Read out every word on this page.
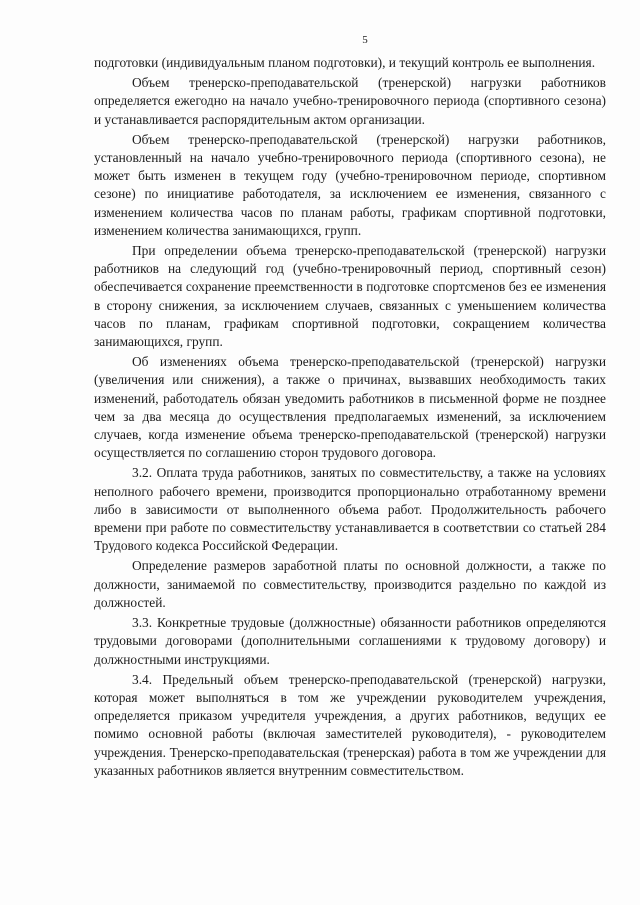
5

подготовки (индивидуальным планом подготовки), и текущий контроль ее выполнения.

Объем тренерско-преподавательской (тренерской) нагрузки работников определяется ежегодно на начало учебно-тренировочного периода (спортивного сезона) и устанавливается распорядительным актом организации.

Объем тренерско-преподавательской (тренерской) нагрузки работников, установленный на начало учебно-тренировочного периода (спортивного сезона), не может быть изменен в текущем году (учебно-тренировочном периоде, спортивном сезоне) по инициативе работодателя, за исключением ее изменения, связанного с изменением количества часов по планам работы, графикам спортивной подготовки, изменением количества занимающихся, групп.

При определении объема тренерско-преподавательской (тренерской) нагрузки работников на следующий год (учебно-тренировочный период, спортивный сезон) обеспечивается сохранение преемственности в подготовке спортсменов без ее изменения в сторону снижения, за исключением случаев, связанных с уменьшением количества часов по планам, графикам спортивной подготовки, сокращением количества занимающихся, групп.

Об изменениях объема тренерско-преподавательской (тренерской) нагрузки (увеличения или снижения), а также о причинах, вызвавших необходимость таких изменений, работодатель обязан уведомить работников в письменной форме не позднее чем за два месяца до осуществления предполагаемых изменений, за исключением случаев, когда изменение объема тренерско-преподавательской (тренерской) нагрузки осуществляется по соглашению сторон трудового договора.

3.2. Оплата труда работников, занятых по совместительству, а также на условиях неполного рабочего времени, производится пропорционально отработанному времени либо в зависимости от выполненного объема работ. Продолжительность рабочего времени при работе по совместительству устанавливается в соответствии со статьей 284 Трудового кодекса Российской Федерации.

Определение размеров заработной платы по основной должности, а также по должности, занимаемой по совместительству, производится раздельно по каждой из должностей.

3.3. Конкретные трудовые (должностные) обязанности работников определяются трудовыми договорами (дополнительными соглашениями к трудовому договору) и должностными инструкциями.

3.4. Предельный объем тренерско-преподавательской (тренерской) нагрузки, которая может выполняться в том же учреждении руководителем учреждения, определяется приказом учредителя учреждения, а других работников, ведущих ее помимо основной работы (включая заместителей руководителя), - руководителем учреждения. Тренерско-преподавательская (тренерская) работа в том же учреждении для указанных работников является внутренним совместительством.
